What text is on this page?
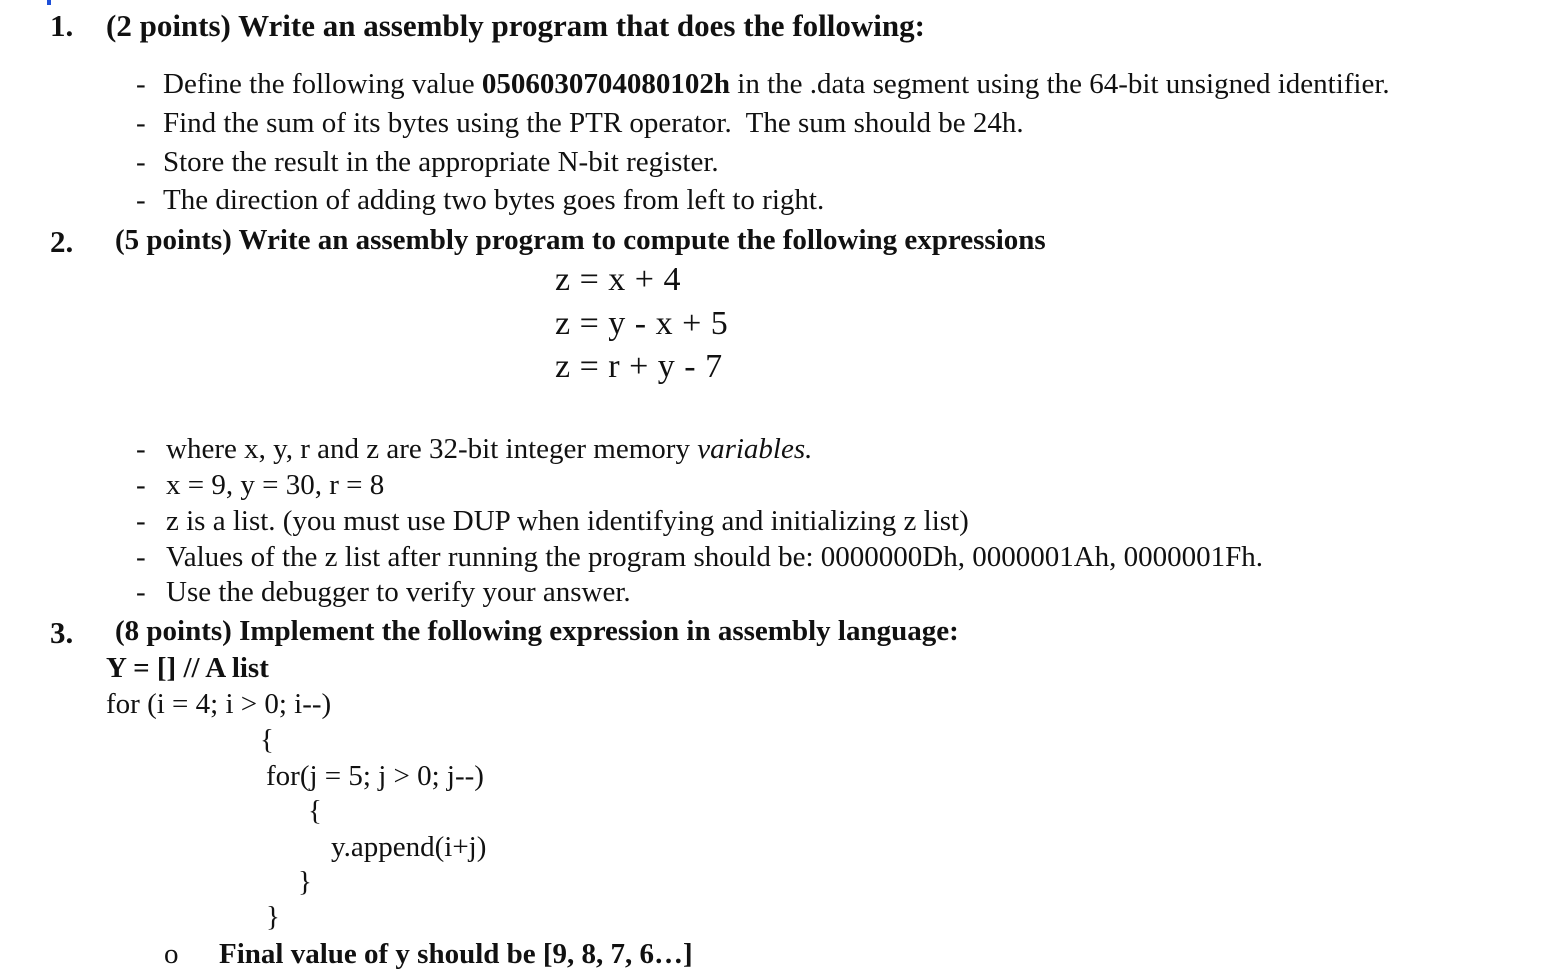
1. (2 points) Write an assembly program that does the following:
- Define the following value 0506030704080102h in the .data segment using the 64-bit unsigned identifier.
- Find the sum of its bytes using the PTR operator.  The sum should be 24h.
- Store the result in the appropriate N-bit register.
- The direction of adding two bytes goes from left to right.
2. (5 points) Write an assembly program to compute the following expressions
z = x + 4
z = y - x + 5
z = r + y - 7
- where x, y, r and z are 32-bit integer memory variables.
- x = 9, y = 30, r = 8
- z is a list. (you must use DUP when identifying and initializing z list)
- Values of the z list after running the program should be: 0000000Dh, 0000001Ah, 0000001Fh.
- Use the debugger to verify your answer.
3. (8 points) Implement the following expression in assembly language:
Y = [] // A list
for (i = 4; i > 0; i--)
{
for(j = 5; j > 0; j--)
{
y.append(i+j)
}
}
o Final value of y should be [9, 8, 7, 6…]
